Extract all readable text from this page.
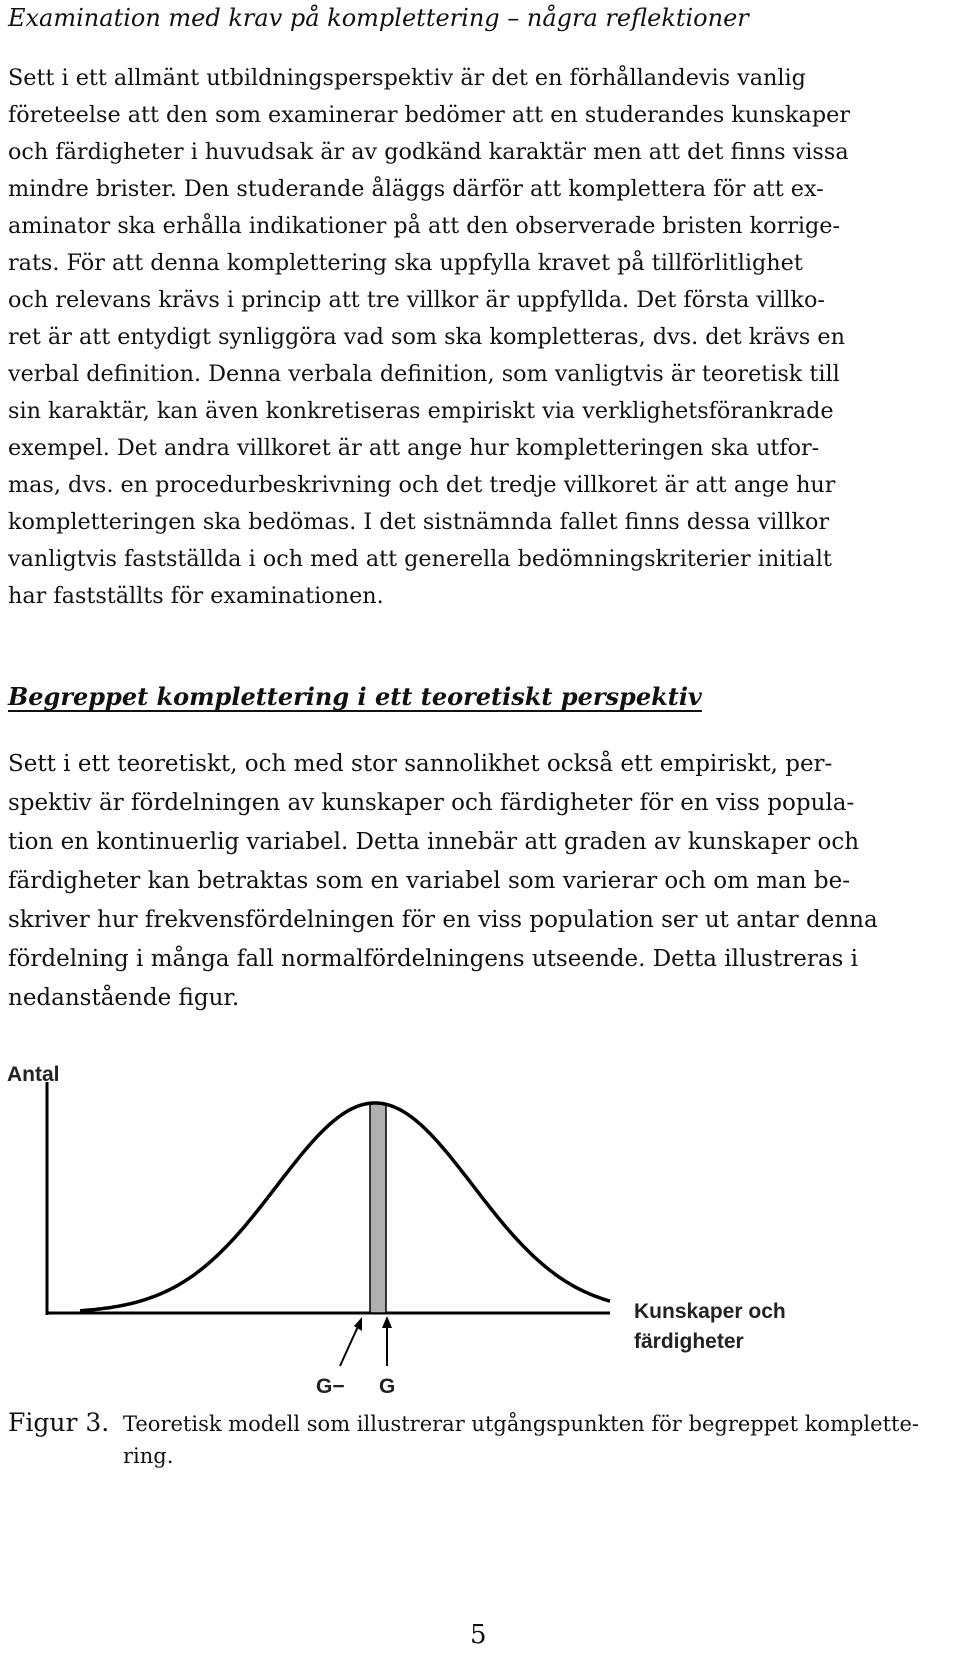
Examination med krav på komplettering – några reflektioner
Sett i ett allmänt utbildningsperspektiv är det en förhållandevis vanlig
företeelse att den som examinerar bedömer att en studerandes kunskaper
och färdigheter i huvudsak är av godkänd karaktär men att det finns vissa
mindre brister. Den studerande åläggs därför att komplettera för att ex-
aminator ska erhålla indikationer på att den observerade bristen korrige-
rats. För att denna komplettering ska uppfylla kravet på tillförlitlighet
och relevans krävs i princip att tre villkor är uppfyllda. Det första villko-
ret är att entydigt synliggöra vad som ska kompletteras, dvs. det krävs en
verbal definition. Denna verbala definition, som vanligtvis är teoretisk till
sin karaktär, kan även konkretiseras empiriskt via verklighetsförankrade
exempel. Det andra villkoret är att ange hur kompletteringen ska utfor-
mas, dvs. en procedurbeskrivning och det tredje villkoret är att ange hur
kompletteringen ska bedömas. I det sistnämnda fallet finns dessa villkor
vanligtvis fastställda i och med att generella bedömningskriterier initialt
har fastställts för examinationen.
Begreppet komplettering i ett teoretiskt perspektiv
Sett i ett teoretiskt, och med stor sannolikhet också ett empiriskt, per-
spektiv är fördelningen av kunskaper och färdigheter för en viss popula-
tion en kontinuerlig variabel. Detta innebär att graden av kunskaper och
färdigheter kan betraktas som en variabel som varierar och om man be-
skriver hur frekvensfördelningen för en viss population ser ut antar denna
fördelning i många fall normalfördelningens utseende. Detta illustreras i
nedanstående figur.
Antal
Kunskaper och
färdigheter
G− G
Figur 3. Teoretisk modell som illustrerar utgångspunkten för begreppet komplette-
ring.
5
